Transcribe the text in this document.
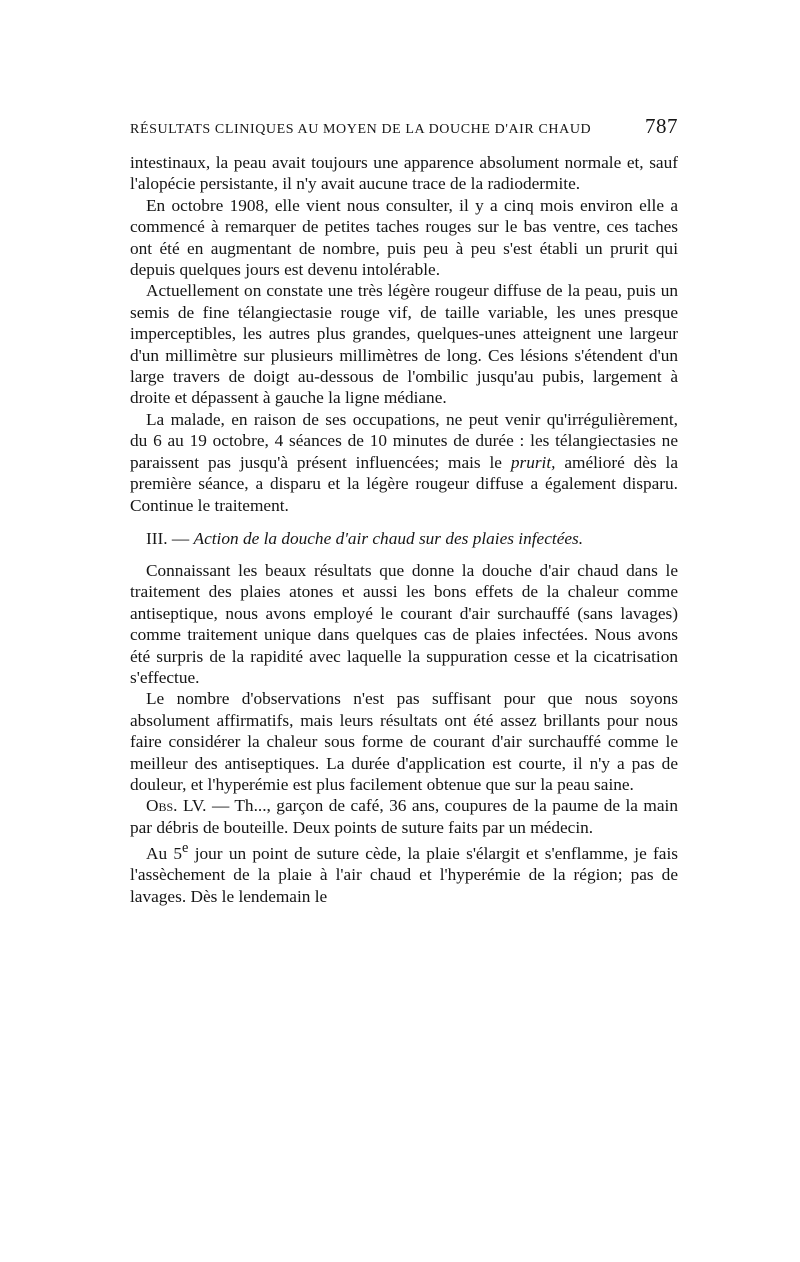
RÉSULTATS CLINIQUES AU MOYEN DE LA DOUCHE D'AIR CHAUD	787

intestinaux, la peau avait toujours une apparence absolument normale et, sauf l'alopécie persistante, il n'y avait aucune trace de la radiodermite.

En octobre 1908, elle vient nous consulter, il y a cinq mois environ elle a commencé à remarquer de petites taches rouges sur le bas ventre, ces taches ont été en augmentant de nombre, puis peu à peu s'est établi un prurit qui depuis quelques jours est devenu intolérable.

Actuellement on constate une très légère rougeur diffuse de la peau, puis un semis de fine télangiectasie rouge vif, de taille variable, les unes presque imperceptibles, les autres plus grandes, quelques-unes atteignent une largeur d'un millimètre sur plusieurs millimètres de long. Ces lésions s'étendent d'un large travers de doigt au-dessous de l'ombilic jusqu'au pubis, largement à droite et dépassent à gauche la ligne médiane.

La malade, en raison de ses occupations, ne peut venir qu'irrégulièrement, du 6 au 19 octobre, 4 séances de 10 minutes de durée : les télangiectasies ne paraissent pas jusqu'à présent influencées; mais le prurit, amélioré dès la première séance, a disparu et la légère rougeur diffuse a également disparu. Continue le traitement.

III. — Action de la douche d'air chaud sur des plaies infectées.

Connaissant les beaux résultats que donne la douche d'air chaud dans le traitement des plaies atones et aussi les bons effets de la chaleur comme antiseptique, nous avons employé le courant d'air surchauffé (sans lavages) comme traitement unique dans quelques cas de plaies infectées. Nous avons été surpris de la rapidité avec laquelle la suppuration cesse et la cicatrisation s'effectue.

Le nombre d'observations n'est pas suffisant pour que nous soyons absolument affirmatifs, mais leurs résultats ont été assez brillants pour nous faire considérer la chaleur sous forme de courant d'air surchauffé comme le meilleur des antiseptiques. La durée d'application est courte, il n'y a pas de douleur, et l'hyperémie est plus facilement obtenue que sur la peau saine.

Obs. LV. — Th..., garçon de café, 36 ans, coupures de la paume de la main par débris de bouteille. Deux points de suture faits par un médecin.

Au 5e jour un point de suture cède, la plaie s'élargit et s'enflamme, je fais l'assèchement de la plaie à l'air chaud et l'hyperémie de la région; pas de lavages. Dès le lendemain le
